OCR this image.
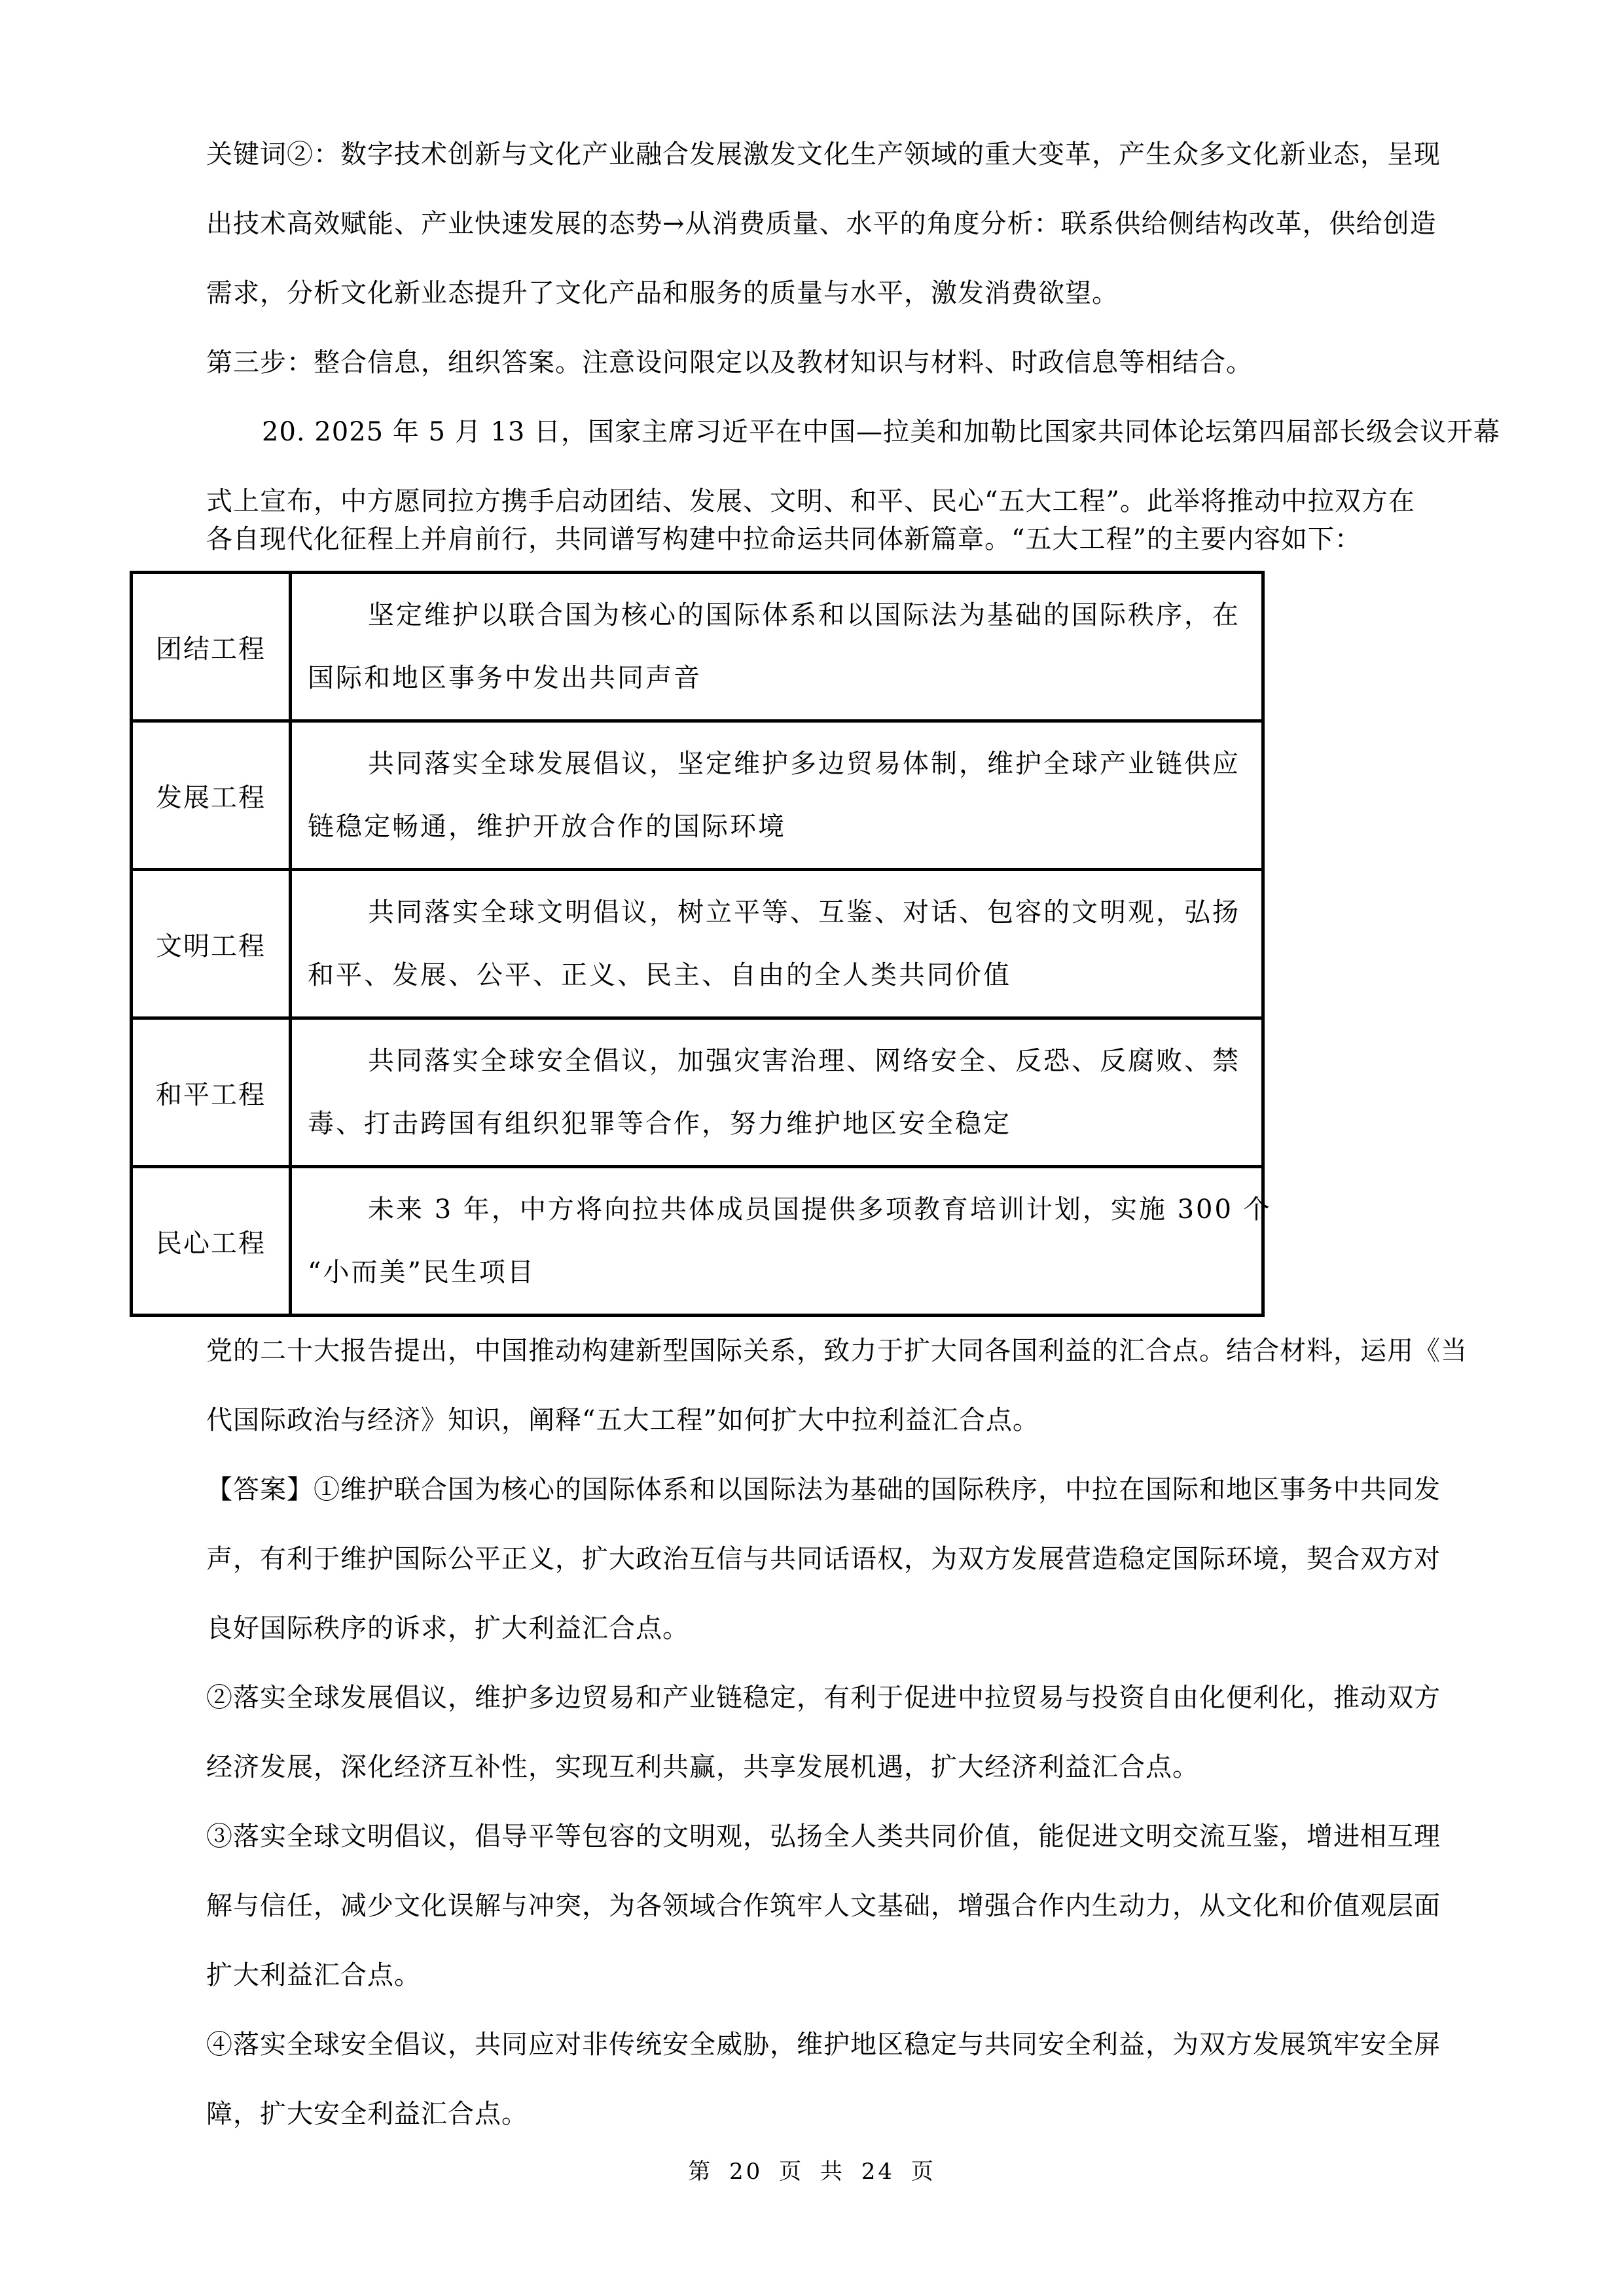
关键词②：数字技术创新与文化产业融合发展激发文化生产领域的重大变革，产生众多文化新业态，呈现
出技术高效赋能、产业快速发展的态势→从消费质量、水平的角度分析：联系供给侧结构改革，供给创造
需求，分析文化新业态提升了文化产品和服务的质量与水平，激发消费欲望。
第三步：整合信息，组织答案。注意设问限定以及教材知识与材料、时政信息等相结合。
20. 2025 年 5 月 13 日，国家主席习近平在中国—拉美和加勒比国家共同体论坛第四届部长级会议开幕
式上宣布，中方愿同拉方携手启动团结、发展、文明、和平、民心“五大工程”。此举将推动中拉双方在
各自现代化征程上并肩前行，共同谱写构建中拉命运共同体新篇章。“五大工程”的主要内容如下：
团结工程	坚定维护以联合国为核心的国际体系和以国际法为基础的国际秩序，在
国际和地区事务中发出共同声音

发展工程	共同落实全球发展倡议，坚定维护多边贸易体制，维护全球产业链供应
链稳定畅通，维护开放合作的国际环境

文明工程	共同落实全球文明倡议，树立平等、互鉴、对话、包容的文明观，弘扬
和平、发展、公平、正义、民主、自由的全人类共同价值

和平工程	共同落实全球安全倡议，加强灾害治理、网络安全、反恐、反腐败、禁
毒、打击跨国有组织犯罪等合作，努力维护地区安全稳定

民心工程	未来 3 年，中方将向拉共体成员国提供多项教育培训计划，实施 300 个
“小而美”民生项目
党的二十大报告提出，中国推动构建新型国际关系，致力于扩大同各国利益的汇合点。结合材料，运用《当
代国际政治与经济》知识，阐释“五大工程”如何扩大中拉利益汇合点。
【答案】①维护联合国为核心的国际体系和以国际法为基础的国际秩序，中拉在国际和地区事务中共同发
声，有利于维护国际公平正义，扩大政治互信与共同话语权，为双方发展营造稳定国际环境，契合双方对
良好国际秩序的诉求，扩大利益汇合点。
②落实全球发展倡议，维护多边贸易和产业链稳定，有利于促进中拉贸易与投资自由化便利化，推动双方
经济发展，深化经济互补性，实现互利共赢，共享发展机遇，扩大经济利益汇合点。
③落实全球文明倡议，倡导平等包容的文明观，弘扬全人类共同价值，能促进文明交流互鉴，增进相互理
解与信任，减少文化误解与冲突，为各领域合作筑牢人文基础，增强合作内生动力，从文化和价值观层面
扩大利益汇合点。
④落实全球安全倡议，共同应对非传统安全威胁，维护地区稳定与共同安全利益，为双方发展筑牢安全屏
障，扩大安全利益汇合点。
第 20 页 共 24 页
